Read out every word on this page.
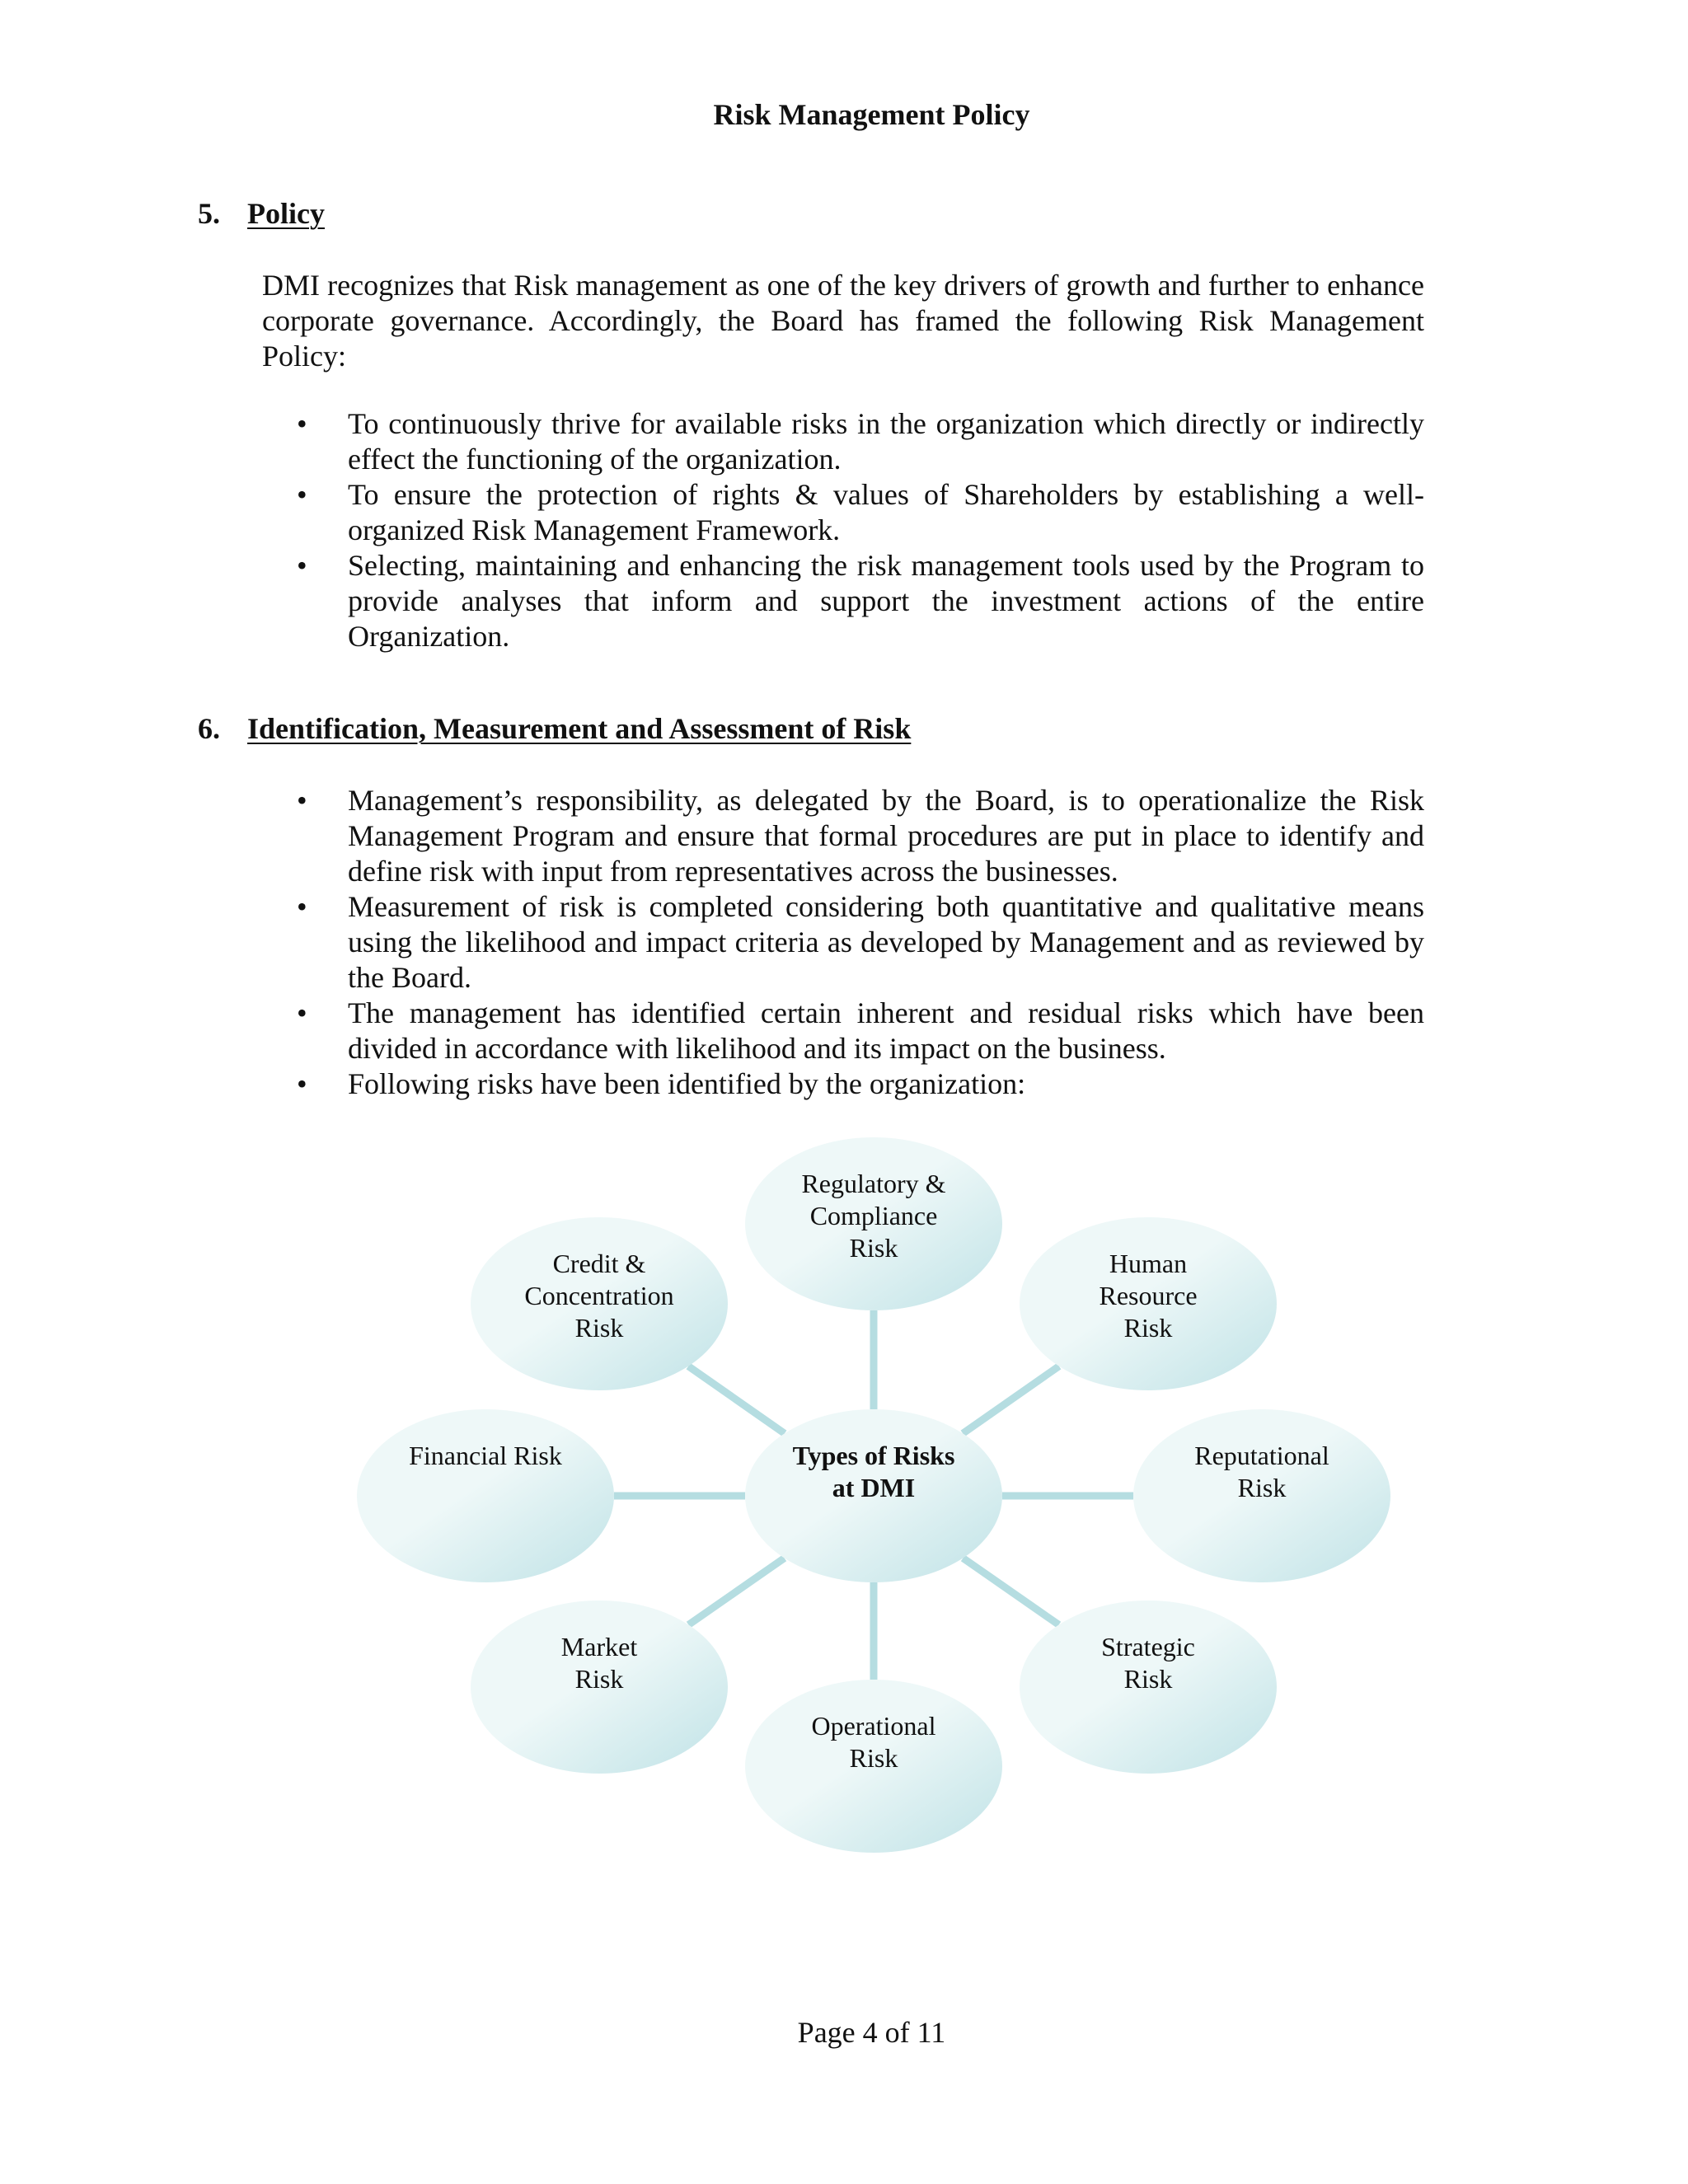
Risk Management Policy
5. Policy
DMI recognizes that Risk management as one of the key drivers of growth and further to enhance corporate governance. Accordingly, the Board has framed the following Risk Management Policy:
• To continuously thrive for available risks in the organization which directly or indirectly effect the functioning of the organization.
• To ensure the protection of rights & values of Shareholders by establishing a well-organized Risk Management Framework.
• Selecting, maintaining and enhancing the risk management tools used by the Program to provide analyses that inform and support the investment actions of the entire Organization.
6. Identification, Measurement and Assessment of Risk
• Management’s responsibility, as delegated by the Board, is to operationalize the Risk Management Program and ensure that formal procedures are put in place to identify and define risk with input from representatives across the businesses.
• Measurement of risk is completed considering both quantitative and qualitative means using the likelihood and impact criteria as developed by Management and as reviewed by the Board.
• The management has identified certain inherent and residual risks which have been divided in accordance with likelihood and its impact on the business.
• Following risks have been identified by the organization:
Regulatory &
Compliance
Risk
Human
Resource
Risk
Reputational
Risk
Strategic
Risk
Operational
Risk
Market
Risk
Financial Risk
Credit &
Concentration
Risk
Types of Risks
at DMI
Page 4 of 11
